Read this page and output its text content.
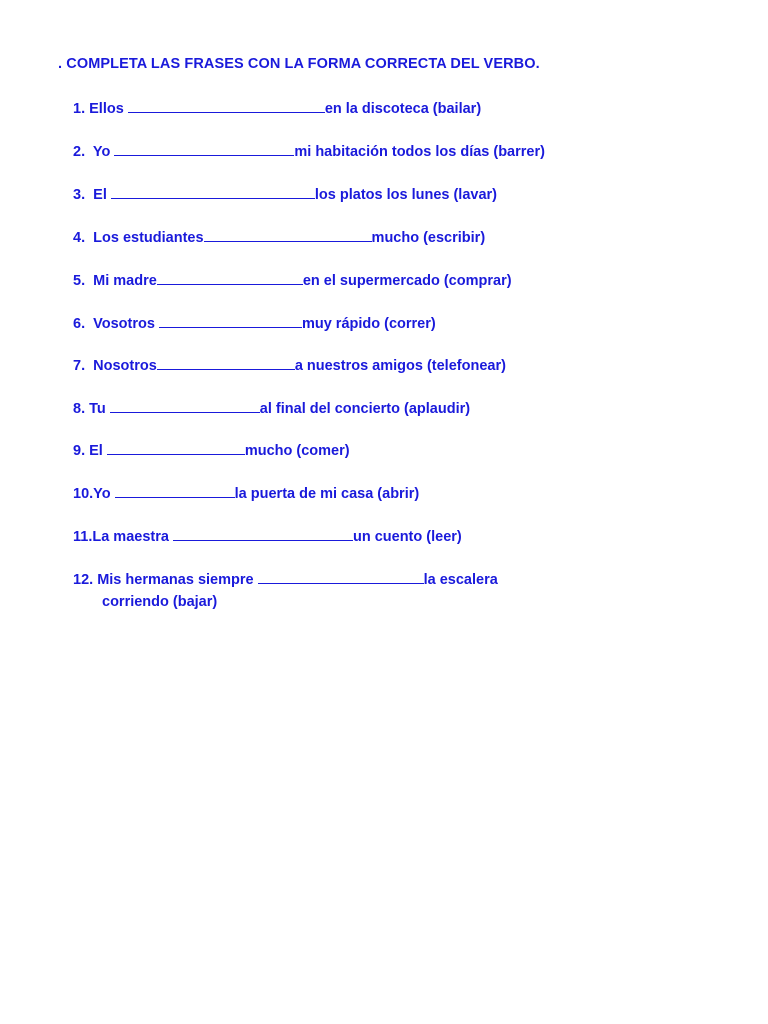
. COMPLETA LAS FRASES CON LA FORMA CORRECTA DEL VERBO.
1. Ellos	en la discoteca (bailar)
2. Yo	mi habitación todos los días (barrer)
3. El	los platos los lunes (lavar)
4. Los estudiantes	mucho (escribir)
5. Mi madre	en el supermercado (comprar)
6. Vosotros	muy rápido (correr)
7. Nosotros	a nuestros amigos (telefonear)
8. Tu	al final del concierto (aplaudir)
9. El	mucho (comer)
10.Yo	la puerta de mi casa (abrir)
11.La maestra	un cuento (leer)
12. Mis hermanas siempre	la escalera
corriendo (bajar)
